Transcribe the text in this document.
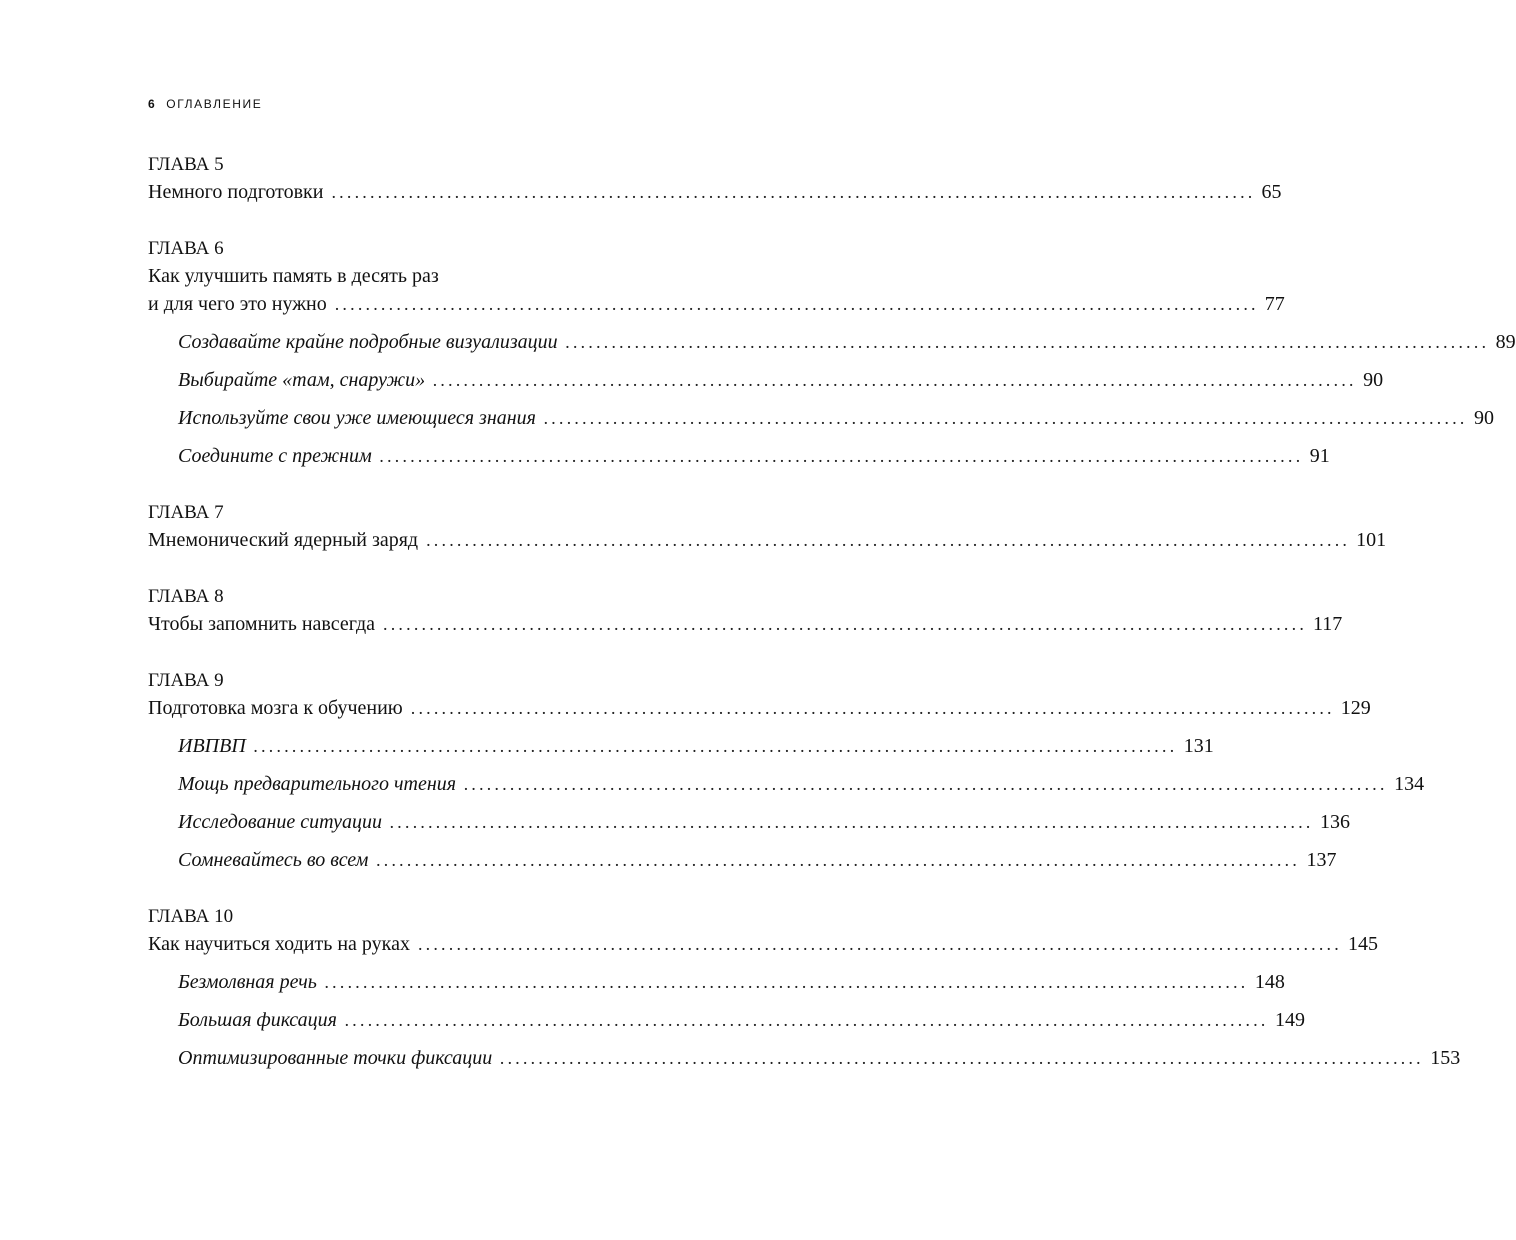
6 ОГЛАВЛЕНИЕ
ГЛАВА 5
Немного подготовки ........................................................................................................................ 65
ГЛАВА 6
Как улучшить память в десять раз
и для чего это нужно ........................................................................................................................ 77
Создавайте крайне подробные визуализации ........................................................................................................................ 89
Выбирайте «там, снаружи» ........................................................................................................................ 90
Используйте свои уже имеющиеся знания ........................................................................................................................ 90
Соедините с прежним ........................................................................................................................ 91
ГЛАВА 7
Мнемонический ядерный заряд ........................................................................................................................ 101
ГЛАВА 8
Чтобы запомнить навсегда ........................................................................................................................ 117
ГЛАВА 9
Подготовка мозга к обучению ........................................................................................................................ 129
ИВПВП ........................................................................................................................ 131
Мощь предварительного чтения ........................................................................................................................ 134
Исследование ситуации ........................................................................................................................ 136
Сомневайтесь во всем ........................................................................................................................ 137
ГЛАВА 10
Как научиться ходить на руках ........................................................................................................................ 145
Безмолвная речь ........................................................................................................................ 148
Большая фиксация ........................................................................................................................ 149
Оптимизированные точки фиксации ........................................................................................................................ 153
